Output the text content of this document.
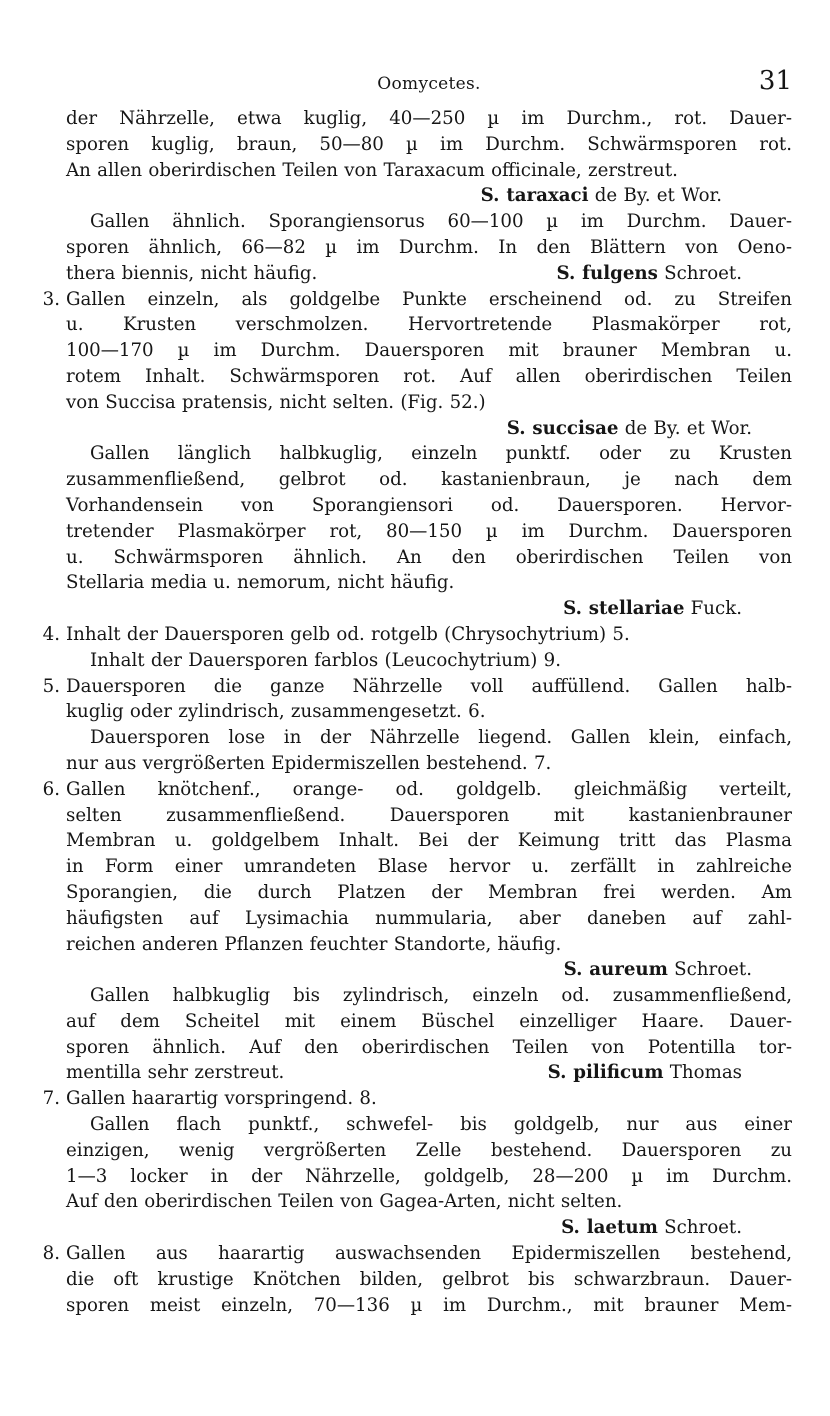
Oomycetes.	31
der Nährzelle, etwa kuglig, 40—250 µ im Durchm., rot. Dauer-
sporen kuglig, braun, 50—80 µ im Durchm. Schwärmsporen rot.
An allen oberirdischen Teilen von Taraxacum officinale, zerstreut.
S. taraxaci de By. et Wor.
Gallen ähnlich. Sporangiensorus 60—100 µ im Durchm. Dauer-
sporen ähnlich, 66—82 µ im Durchm. In den Blättern von Oeno-
thera biennis, nicht häufig.	S. fulgens Schroet.
3. Gallen einzeln, als goldgelbe Punkte erscheinend od. zu Streifen
u. Krusten verschmolzen. Hervortretende Plasmakörper rot,
100—170 µ im Durchm. Dauersporen mit brauner Membran u.
rotem Inhalt. Schwärmsporen rot. Auf allen oberirdischen Teilen
von Succisa pratensis, nicht selten. (Fig. 52.)
S. succisae de By. et Wor.
Gallen länglich halbkuglig, einzeln punktf. oder zu Krusten
zusammenfließend, gelbrot od. kastanienbraun, je nach dem
Vorhandensein von Sporangiensori od. Dauersporen. Hervor-
tretender Plasmakörper rot, 80—150 µ im Durchm. Dauersporen
u. Schwärmsporen ähnlich. An den oberirdischen Teilen von
Stellaria media u. nemorum, nicht häufig.
S. stellariae Fuck.
4. Inhalt der Dauersporen gelb od. rotgelb (Chrysochytrium) 5.
Inhalt der Dauersporen farblos (Leucochytrium) 9.
5. Dauersporen die ganze Nährzelle voll auffüllend. Gallen halb-
kuglig oder zylindrisch, zusammengesetzt. 6.
Dauersporen lose in der Nährzelle liegend. Gallen klein, einfach,
nur aus vergrößerten Epidermiszellen bestehend. 7.
6. Gallen knötchenf., orange- od. goldgelb. gleichmäßig verteilt,
selten zusammenfließend. Dauersporen mit kastanienbrauner
Membran u. goldgelbem Inhalt. Bei der Keimung tritt das Plasma
in Form einer umrandeten Blase hervor u. zerfällt in zahlreiche
Sporangien, die durch Platzen der Membran frei werden. Am
häufigsten auf Lysimachia nummularia, aber daneben auf zahl-
reichen anderen Pflanzen feuchter Standorte, häufig.
S. aureum Schroet.
Gallen halbkuglig bis zylindrisch, einzeln od. zusammenfließend,
auf dem Scheitel mit einem Büschel einzelliger Haare. Dauer-
sporen ähnlich. Auf den oberirdischen Teilen von Potentilla tor-
mentilla sehr zerstreut.	S. pilificum Thomas
7. Gallen haarartig vorspringend. 8.
Gallen flach punktf., schwefel- bis goldgelb, nur aus einer
einzigen, wenig vergrößerten Zelle bestehend. Dauersporen zu
1—3 locker in der Nährzelle, goldgelb, 28—200 µ im Durchm.
Auf den oberirdischen Teilen von Gagea-Arten, nicht selten.
S. laetum Schroet.
8. Gallen aus haarartig auswachsenden Epidermiszellen bestehend,
die oft krustige Knötchen bilden, gelbrot bis schwarzbraun. Dauer-
sporen meist einzeln, 70—136 µ im Durchm., mit brauner Mem-
